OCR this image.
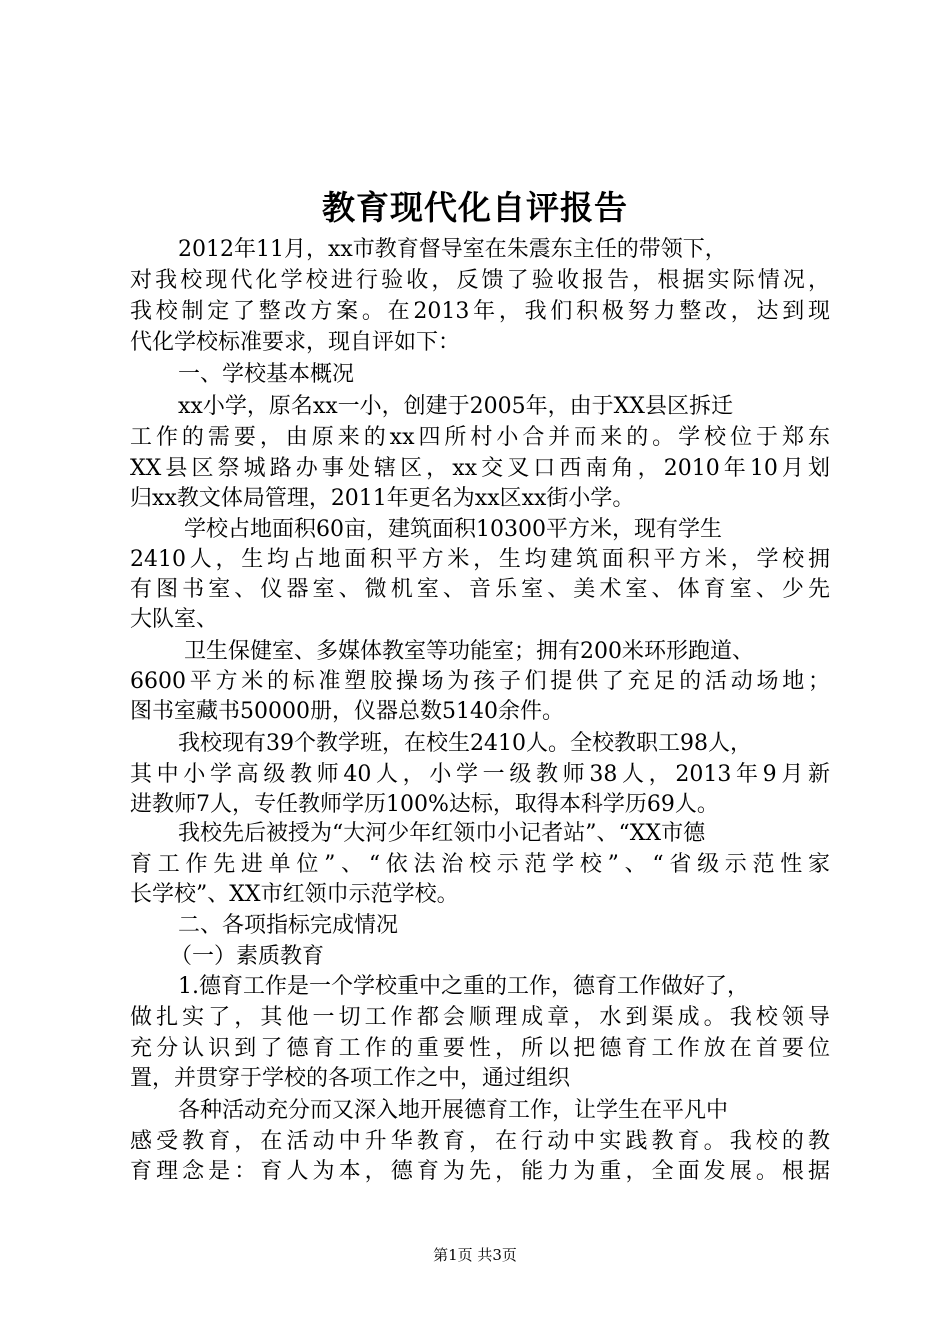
教育现代化自评报告
2012年11月，xx市教育督导室在朱震东主任的带领下，
对我校现代化学校进行验收，反馈了验收报告，根据实际情况，
我校制定了整改方案。在2013年，我们积极努力整改，达到现
代化学校标准要求，现自评如下：
一、学校基本概况
xx小学，原名xx一小，创建于2005年，由于XX县区拆迁
工作的需要，由原来的xx四所村小合并而来的。学校位于郑东
XX县区祭城路办事处辖区，xx交叉口西南角，2010年10月划
归xx教文体局管理，2011年更名为xx区xx街小学。
学校占地面积60亩，建筑面积10300平方米，现有学生
2410人，生均占地面积平方米，生均建筑面积平方米，学校拥
有图书室、仪器室、微机室、音乐室、美术室、体育室、少先
大队室、
卫生保健室、多媒体教室等功能室；拥有200米环形跑道、
6600平方米的标准塑胶操场为孩子们提供了充足的活动场地；
图书室藏书50000册，仪器总数5140余件。
我校现有39个教学班，在校生2410人。全校教职工98人，
其中小学高级教师40人，小学一级教师38人，2013年9月新
进教师7人，专任教师学历100%达标，取得本科学历69人。
我校先后被授为“大河少年红领巾小记者站”、“XX市德
育工作先进单位”、“依法治校示范学校”、“省级示范性家
长学校”、XX市红领巾示范学校。
二、各项指标完成情况
（一）素质教育
1.德育工作是一个学校重中之重的工作，德育工作做好了，
做扎实了，其他一切工作都会顺理成章，水到渠成。我校领导
充分认识到了德育工作的重要性，所以把德育工作放在首要位
置，并贯穿于学校的各项工作之中，通过组织
各种活动充分而又深入地开展德育工作，让学生在平凡中
感受教育，在活动中升华教育，在行动中实践教育。我校的教
育理念是：育人为本，德育为先，能力为重，全面发展。根据
第1页 共3页
